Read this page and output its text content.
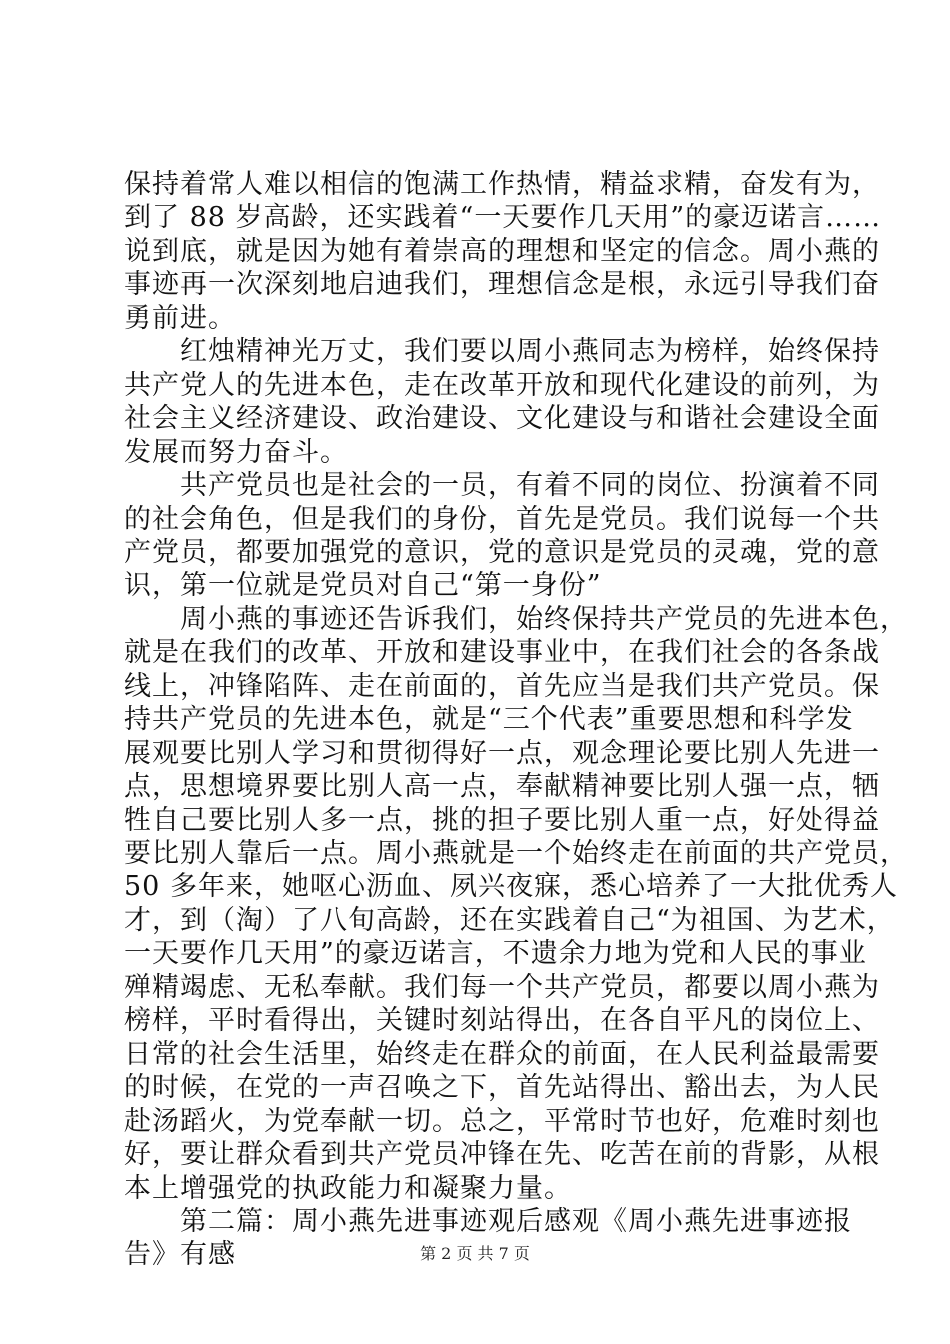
保持着常人难以相信的饱满工作热情，精益求精，奋发有为，
到了 88 岁高龄，还实践着“一天要作几天用”的豪迈诺言……
说到底，就是因为她有着崇高的理想和坚定的信念。周小燕的
事迹再一次深刻地启迪我们，理想信念是根，永远引导我们奋
勇前进。
　　红烛精神光万丈，我们要以周小燕同志为榜样，始终保持
共产党人的先进本色，走在改革开放和现代化建设的前列，为
社会主义经济建设、政治建设、文化建设与和谐社会建设全面
发展而努力奋斗。
　　共产党员也是社会的一员，有着不同的岗位、扮演着不同
的社会角色，但是我们的身份，首先是党员。我们说每一个共
产党员，都要加强党的意识，党的意识是党员的灵魂，党的意
识，第一位就是党员对自己“第一身份”
　　周小燕的事迹还告诉我们，始终保持共产党员的先进本色，
就是在我们的改革、开放和建设事业中，在我们社会的各条战
线上，冲锋陷阵、走在前面的，首先应当是我们共产党员。保
持共产党员的先进本色，就是“三个代表”重要思想和科学发
展观要比别人学习和贯彻得好一点，观念理论要比别人先进一
点，思想境界要比别人高一点，奉献精神要比别人强一点，牺
牲自己要比别人多一点，挑的担子要比别人重一点，好处得益
要比别人靠后一点。周小燕就是一个始终走在前面的共产党员，
50 多年来，她呕心沥血、夙兴夜寐，悉心培养了一大批优秀人
才，到（淘）了八旬高龄，还在实践着自己“为祖国、为艺术，
一天要作几天用”的豪迈诺言，不遗余力地为党和人民的事业
殚精竭虑、无私奉献。我们每一个共产党员，都要以周小燕为
榜样，平时看得出，关键时刻站得出，在各自平凡的岗位上、
日常的社会生活里，始终走在群众的前面，在人民利益最需要
的时候，在党的一声召唤之下，首先站得出、豁出去，为人民
赴汤蹈火，为党奉献一切。总之，平常时节也好，危难时刻也
好，要让群众看到共产党员冲锋在先、吃苦在前的背影，从根
本上增强党的执政能力和凝聚力量。
　　第二篇：周小燕先进事迹观后感观《周小燕先进事迹报
告》有感	第 2 页 共 7 页
